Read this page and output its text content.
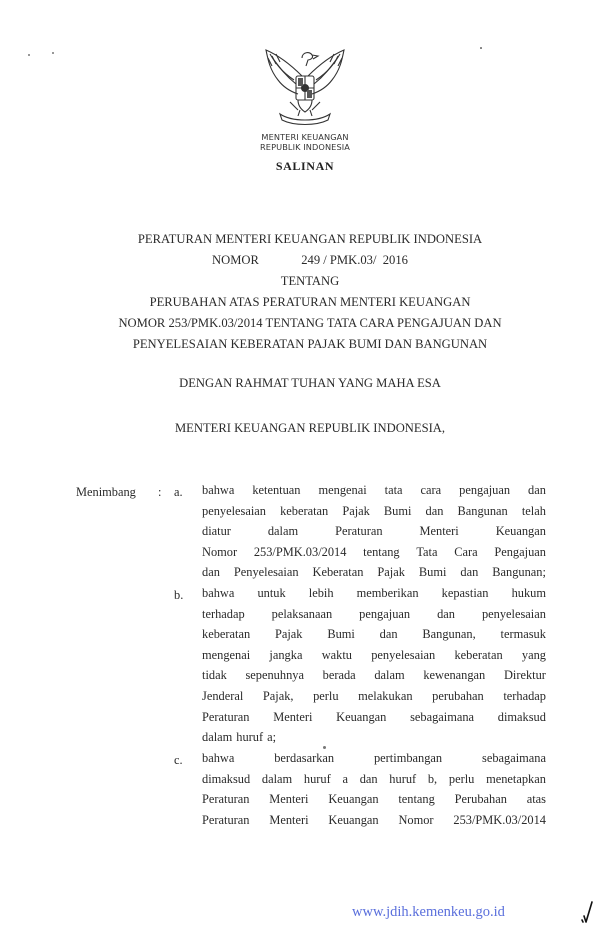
MENTERI KEUANGAN
REPUBLIK INDONESIA
SALINAN
PERATURAN MENTERI KEUANGAN REPUBLIK INDONESIA
NOMOR	249 / PMK.03/  2016
TENTANG
PERUBAHAN ATAS PERATURAN MENTERI KEUANGAN
NOMOR 253/PMK.03/2014 TENTANG TATA CARA PENGAJUAN DAN
PENYELESAIAN KEBERATAN PAJAK BUMI DAN BANGUNAN
DENGAN RAHMAT TUHAN YANG MAHA ESA
MENTERI KEUANGAN REPUBLIK INDONESIA,
Menimbang : a. bahwa ketentuan mengenai tata cara pengajuan dan
penyelesaian keberatan Pajak Bumi dan Bangunan telah
diatur	dalam	Peraturan	Menteri	Keuangan
Nomor 253/PMK.03/2014 tentang Tata Cara Pengajuan
dan Penyelesaian Keberatan Pajak Bumi dan Bangunan;
b. bahwa untuk lebih memberikan kepastian hukum
terhadap pelaksanaan pengajuan dan penyelesaian
keberatan Pajak Bumi dan Bangunan, termasuk
mengenai jangka waktu penyelesaian keberatan yang
tidak sepenuhnya berada dalam kewenangan Direktur
Jenderal Pajak, perlu melakukan perubahan terhadap
Peraturan Menteri Keuangan sebagaimana dimaksud
dalam huruf a;
c. bahwa	berdasarkan	pertimbangan	sebagaimana
dimaksud dalam huruf a dan huruf b, perlu menetapkan
Peraturan Menteri Keuangan tentang Perubahan atas
Peraturan Menteri Keuangan Nomor 253/PMK.03/2014
www.jdih.kemenkeu.go.id
